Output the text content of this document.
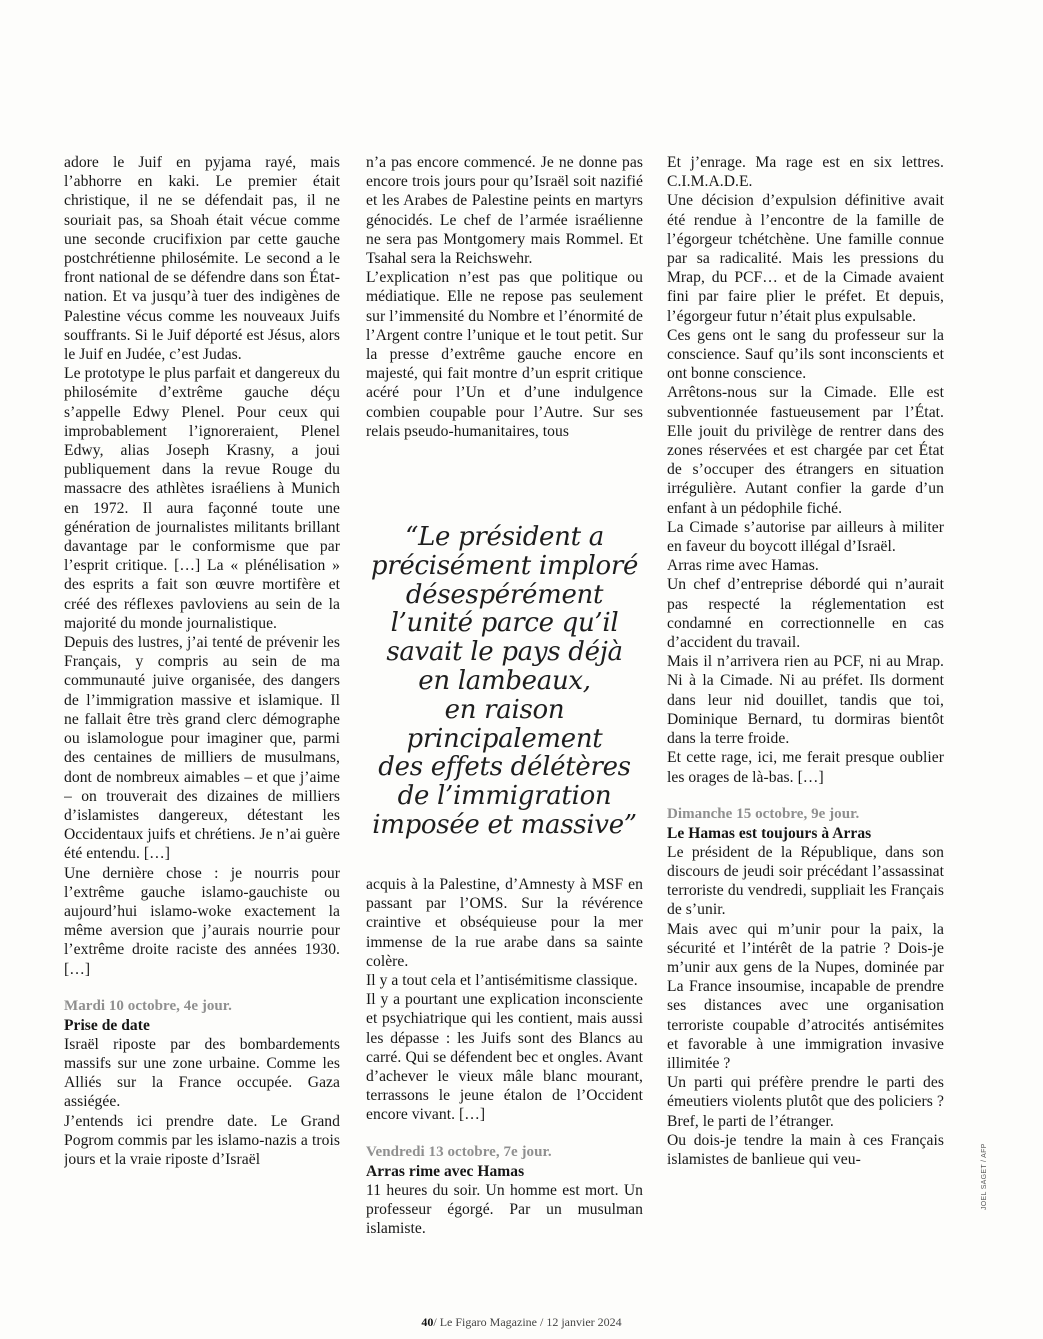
adore le Juif en pyjama rayé, mais l’abhorre en kaki. Le premier était christique, il ne se défendait pas, il ne souriait pas, sa Shoah était vécue comme une seconde crucifixion par cette gauche postchrétienne philosémite. Le second a le front national de se défendre dans son État-nation. Et va jusqu’à tuer des indigènes de Palestine vécus comme les nouveaux Juifs souffrants. Si le Juif déporté est Jésus, alors le Juif en Judée, c’est Judas.

Le prototype le plus parfait et dangereux du philosémite d’extrême gauche déçu s’appelle Edwy Plenel. Pour ceux qui improbablement l’ignoreraient, Plenel Edwy, alias Joseph Krasny, a joui publiquement dans la revue Rouge du massacre des athlètes israéliens à Munich en 1972. Il aura façonné toute une génération de journalistes militants brillant davantage par le conformisme que par l’esprit critique. […] La « plénélisation » des esprits a fait son œuvre mortifère et créé des réflexes pavloviens au sein de la majorité du monde journalistique.

Depuis des lustres, j’ai tenté de prévenir les Français, y compris au sein de ma communauté juive organisée, des dangers de l’immigration massive et islamique. Il ne fallait être très grand clerc démographe ou islamologue pour imaginer que, parmi des centaines de milliers de musulmans, dont de nombreux aimables – et que j’aime – on trouverait des dizaines de milliers d’islamistes dangereux, détestant les Occidentaux juifs et chrétiens. Je n’ai guère été entendu. […]

Une dernière chose : je nourris pour l’extrême gauche islamo-gauchiste ou aujourd’hui islamo-woke exactement la même aversion que j’aurais nourrie pour l’extrême droite raciste des années 1930. […]

Mardi 10 octobre, 4e jour.

Prise de date

Israël riposte par des bombardements massifs sur une zone urbaine. Comme les Alliés sur la France occupée. Gaza assiégée.

J’entends ici prendre date. Le Grand Pogrom commis par les islamo-nazis a trois jours et la vraie riposte d’Israël

n’a pas encore commencé. Je ne donne pas encore trois jours pour qu’Israël soit nazifié et les Arabes de Palestine peints en martyrs génocidés. Le chef de l’armée israélienne ne sera pas Montgomery mais Rommel. Et Tsahal sera la Reichswehr.

L’explication n’est pas que politique ou médiatique. Elle ne repose pas seulement sur l’immensité du Nombre et l’énormité de l’Argent contre l’unique et le tout petit. Sur la presse d’extrême gauche encore en majesté, qui fait montre d’un esprit critique acéré pour l’Un et d’une indulgence combien coupable pour l’Autre. Sur ses relais pseudo-humanitaires, tous

“Le président a
précisément imploré
désespérément
l’unité parce qu’il
savait le pays déjà
en lambeaux,
en raison
principalement
des effets délétères
de l’immigration
imposée et massive”

acquis à la Palestine, d’Amnesty à MSF en passant par l’OMS. Sur la révérence craintive et obséquieuse pour la mer immense de la rue arabe dans sa sainte colère.

Il y a tout cela et l’antisémitisme classique.

Il y a pourtant une explication inconsciente et psychiatrique qui les contient, mais aussi les dépasse : les Juifs sont des Blancs au carré. Qui se défendent bec et ongles. Avant d’achever le vieux mâle blanc mourant, terrassons le jeune étalon de l’Occident encore vivant. […]

Vendredi 13 octobre, 7e jour.

Arras rime avec Hamas

11 heures du soir. Un homme est mort. Un professeur égorgé. Par un musulman islamiste.

Et j’enrage. Ma rage est en six lettres. C.I.M.A.D.E.

Une décision d’expulsion définitive avait été rendue à l’encontre de la famille de l’égorgeur tchétchène. Une famille connue par sa radicalité. Mais les pressions du Mrap, du PCF… et de la Cimade avaient fini par faire plier le préfet. Et depuis, l’égorgeur futur n’était plus expulsable.

Ces gens ont le sang du professeur sur la conscience. Sauf qu’ils sont inconscients et ont bonne conscience.

Arrêtons-nous sur la Cimade. Elle est subventionnée fastueusement par l’État. Elle jouit du privilège de rentrer dans des zones réservées et est chargée par cet État de s’occuper des étrangers en situation irrégulière. Autant confier la garde d’un enfant à un pédophile fiché.

La Cimade s’autorise par ailleurs à militer en faveur du boycott illégal d’Israël.

Arras rime avec Hamas.

Un chef d’entreprise débordé qui n’aurait pas respecté la réglementation est condamné en correctionnelle en cas d’accident du travail.

Mais il n’arrivera rien au PCF, ni au Mrap. Ni à la Cimade. Ni au préfet. Ils dorment dans leur nid douillet, tandis que toi, Dominique Bernard, tu dormiras bientôt dans la terre froide.

Et cette rage, ici, me ferait presque oublier les orages de là-bas. […]

Dimanche 15 octobre, 9e jour.

Le Hamas est toujours à Arras

Le président de la République, dans son discours de jeudi soir précédant l’assassinat terroriste du vendredi, suppliait les Français de s’unir.

Mais avec qui m’unir pour la paix, la sécurité et l’intérêt de la patrie ? Dois-je m’unir aux gens de la Nupes, dominée par La France insoumise, incapable de prendre ses distances avec une organisation terroriste coupable d’atrocités antisémites et favorable à une immigration invasive illimitée ?

Un parti qui préfère prendre le parti des émeutiers violents plutôt que des policiers ? Bref, le parti de l’étranger.

Ou dois-je tendre la main à ces Français islamistes de banlieue qui veu-	JOEL SAGET / AFP
40/ Le Figaro Magazine / 12 janvier 2024
